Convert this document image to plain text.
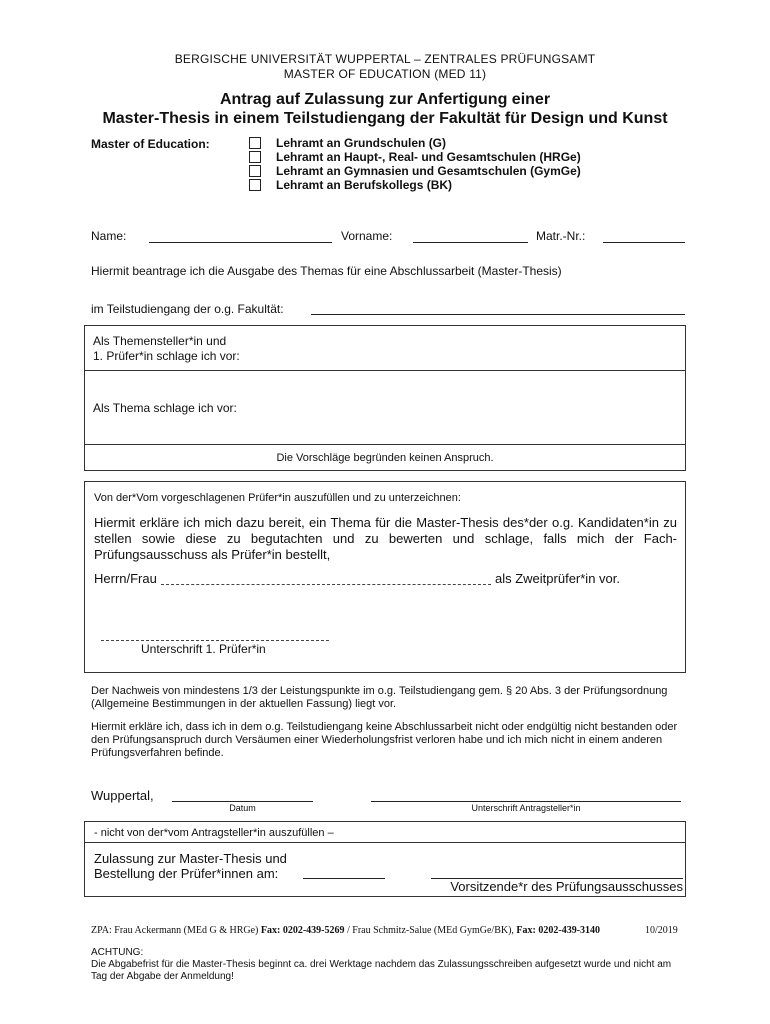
BERGISCHE UNIVERSITÄT WUPPERTAL – ZENTRALES PRÜFUNGSAMT
MASTER OF EDUCATION (MED 11)
Antrag auf Zulassung zur Anfertigung einer
Master-Thesis in einem Teilstudiengang der Fakultät für Design und Kunst
Master of Education:	Lehramt an Grundschulen (G)
Lehramt an Haupt-, Real- und Gesamtschulen (HRGe)
Lehramt an Gymnasien und Gesamtschulen (GymGe)
Lehramt an Berufskollegs (BK)
Name:	Vorname:	Matr.-Nr.:
Hiermit beantrage ich die Ausgabe des Themas für eine Abschlussarbeit (Master-Thesis)
im Teilstudiengang der o.g. Fakultät:
Als Themensteller*in und
1. Prüfer*in schlage ich vor:
Als Thema schlage ich vor:
Die Vorschläge begründen keinen Anspruch.
Von der*Vom vorgeschlagenen Prüfer*in auszufüllen und zu unterzeichnen:
Hiermit erkläre ich mich dazu bereit, ein Thema für die Master-Thesis des*der o.g. Kandidaten*in zu stellen sowie diese zu begutachten und zu bewerten und schlage, falls mich der Fach-Prüfungsausschuss als Prüfer*in bestellt,
Herrn/Frau	als Zweitprüfer*in vor.
Unterschrift 1. Prüfer*in
Der Nachweis von mindestens 1/3 der Leistungspunkte im o.g. Teilstudiengang gem. § 20 Abs. 3 der Prüfungsordnung (Allgemeine Bestimmungen in der aktuellen Fassung) liegt vor.
Hiermit erkläre ich, dass ich in dem o.g. Teilstudiengang keine Abschlussarbeit nicht oder endgültig nicht bestanden oder den Prüfungsanspruch durch Versäumen einer Wiederholungsfrist verloren habe und ich mich nicht in einem anderen Prüfungsverfahren befinde.
Wuppertal,
Datum	Unterschrift Antragsteller*in
- nicht von der*vom Antragsteller*in auszufüllen –
Zulassung zur Master-Thesis und
Bestellung der Prüfer*innen am:
Vorsitzende*r des Prüfungsausschusses
ZPA: Frau Ackermann (MEd G & HRGe) Fax: 0202-439-5269 / Frau Schmitz-Salue (MEd GymGe/BK), Fax: 0202-439-3140	10/2019
ACHTUNG:
Die Abgabefrist für die Master-Thesis beginnt ca. drei Werktage nachdem das Zulassungsschreiben aufgesetzt wurde und nicht am Tag der Abgabe der Anmeldung!
